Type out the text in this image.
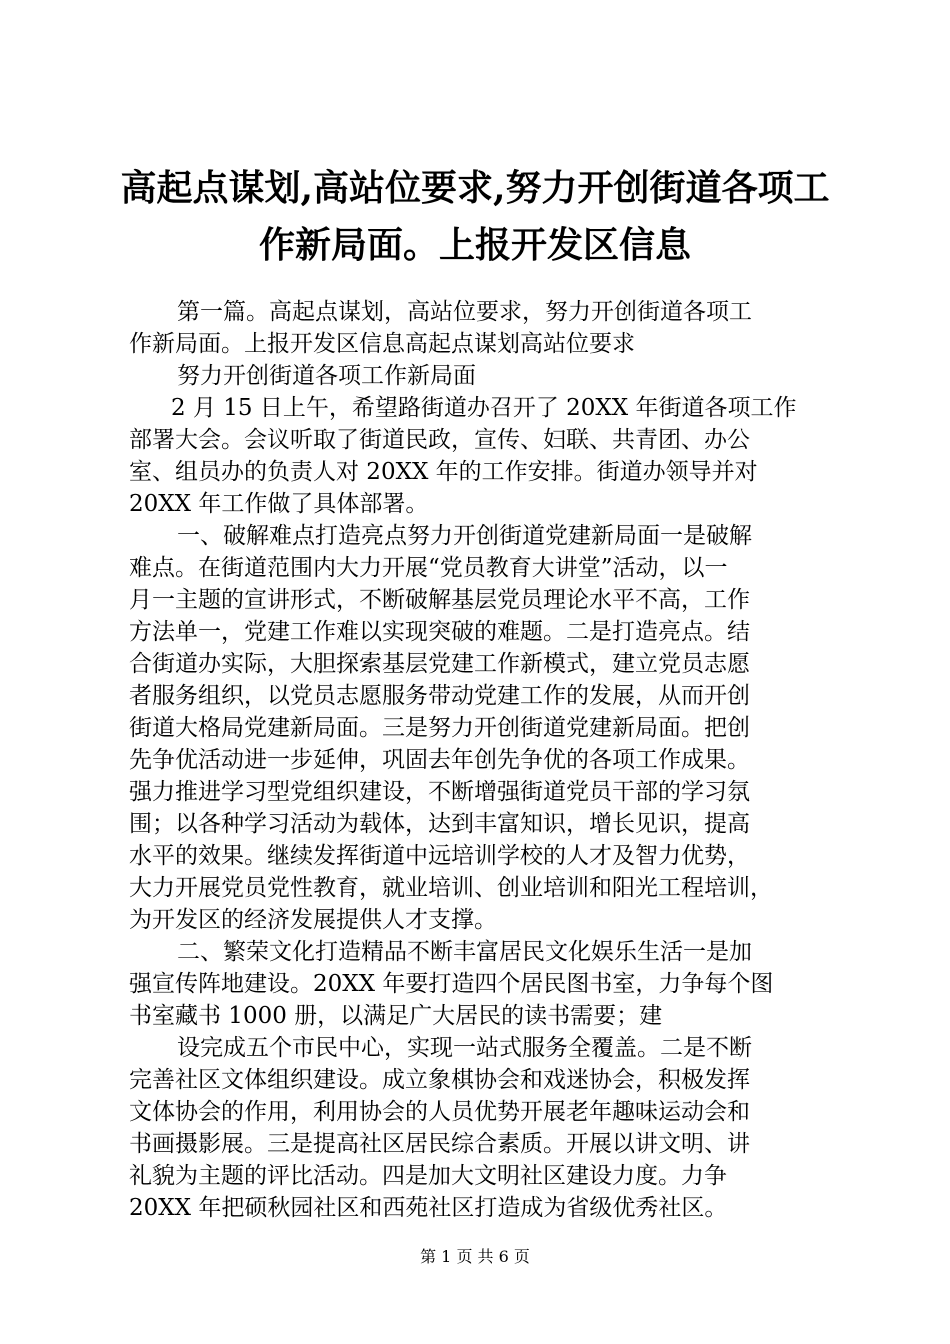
高起点谋划,高站位要求,努力开创街道各项工
作新局面。上报开发区信息
第一篇。高起点谋划，高站位要求，努力开创街道各项工
作新局面。上报开发区信息高起点谋划高站位要求
努力开创街道各项工作新局面
2 月 15 日上午，希望路街道办召开了 20XX 年街道各项工作
部署大会。会议听取了街道民政，宣传、妇联、共青团、办公
室、组员办的负责人对 20XX 年的工作安排。街道办领导并对
20XX 年工作做了具体部署。
一、破解难点打造亮点努力开创街道党建新局面一是破解
难点。在街道范围内大力开展“党员教育大讲堂”活动，以一
月一主题的宣讲形式，不断破解基层党员理论水平不高，工作
方法单一，党建工作难以实现突破的难题。二是打造亮点。结
合街道办实际，大胆探索基层党建工作新模式，建立党员志愿
者服务组织，以党员志愿服务带动党建工作的发展，从而开创
街道大格局党建新局面。三是努力开创街道党建新局面。把创
先争优活动进一步延伸，巩固去年创先争优的各项工作成果。
强力推进学习型党组织建设，不断增强街道党员干部的学习氛
围；以各种学习活动为载体，达到丰富知识，增长见识，提高
水平的效果。继续发挥街道中远培训学校的人才及智力优势，
大力开展党员党性教育，就业培训、创业培训和阳光工程培训，
为开发区的经济发展提供人才支撑。
二、繁荣文化打造精品不断丰富居民文化娱乐生活一是加
强宣传阵地建设。20XX 年要打造四个居民图书室，力争每个图
书室藏书 1000 册，以满足广大居民的读书需要；建
设完成五个市民中心，实现一站式服务全覆盖。二是不断
完善社区文体组织建设。成立象棋协会和戏迷协会，积极发挥
文体协会的作用，利用协会的人员优势开展老年趣味运动会和
书画摄影展。三是提高社区居民综合素质。开展以讲文明、讲
礼貌为主题的评比活动。四是加大文明社区建设力度。力争
20XX 年把硕秋园社区和西苑社区打造成为省级优秀社区。
第 1 页 共 6 页
